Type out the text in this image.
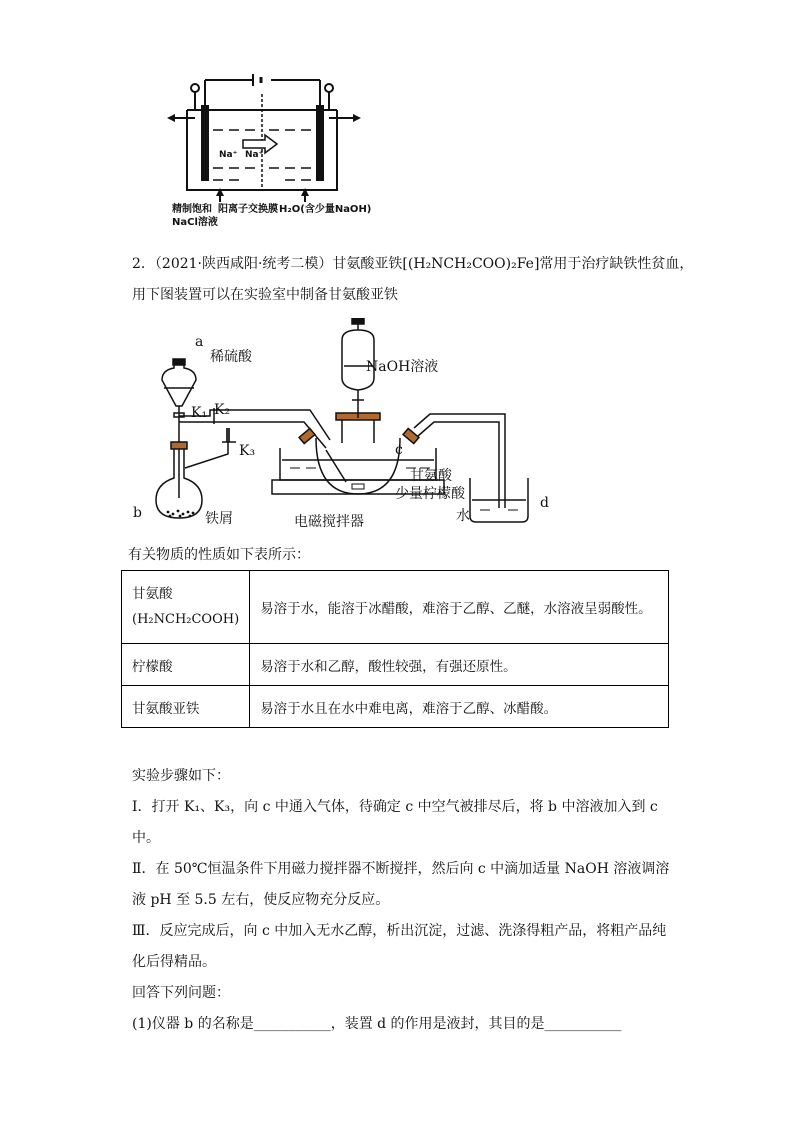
Na⁺ Na⁺
精制饱和
NaCl溶液
阳离子交换膜 H₂O(含少量NaOH)
2．（2021·陕西咸阳·统考二模）甘氨酸亚铁[(H₂NCH₂COO)₂Fe]常用于治疗缺铁性贫血，
用下图装置可以在实验室中制备甘氨酸亚铁
a
稀硫酸
K₁ K₂
K₃
NaOH溶液
c
甘氨酸
少量柠檬酸
b	铁屑	电磁搅拌器
d
水
有关物质的性质如下表所示：
甘氨酸
(H₂NCH₂COOH)	易溶于水，能溶于冰醋酸，难溶于乙醇、乙醚，水溶液呈弱酸性。
柠檬酸	易溶于水和乙醇，酸性较强，有强还原性。
甘氨酸亚铁	易溶于水且在水中难电离，难溶于乙醇、冰醋酸。
实验步骤如下：
Ⅰ．打开 K₁、K₃，向 c 中通入气体，待确定 c 中空气被排尽后，将 b 中溶液加入到 c
中。
Ⅱ．在 50℃恒温条件下用磁力搅拌器不断搅拌，然后向 c 中滴加适量 NaOH 溶液调溶
液 pH 至 5.5 左右，使反应物充分反应。
Ⅲ．反应完成后，向 c 中加入无水乙醇，析出沉淀，过滤、洗涤得粗产品，将粗产品纯
化后得精品。
回答下列问题：
(1)仪器 b 的名称是___________，装置 d 的作用是液封，其目的是___________
